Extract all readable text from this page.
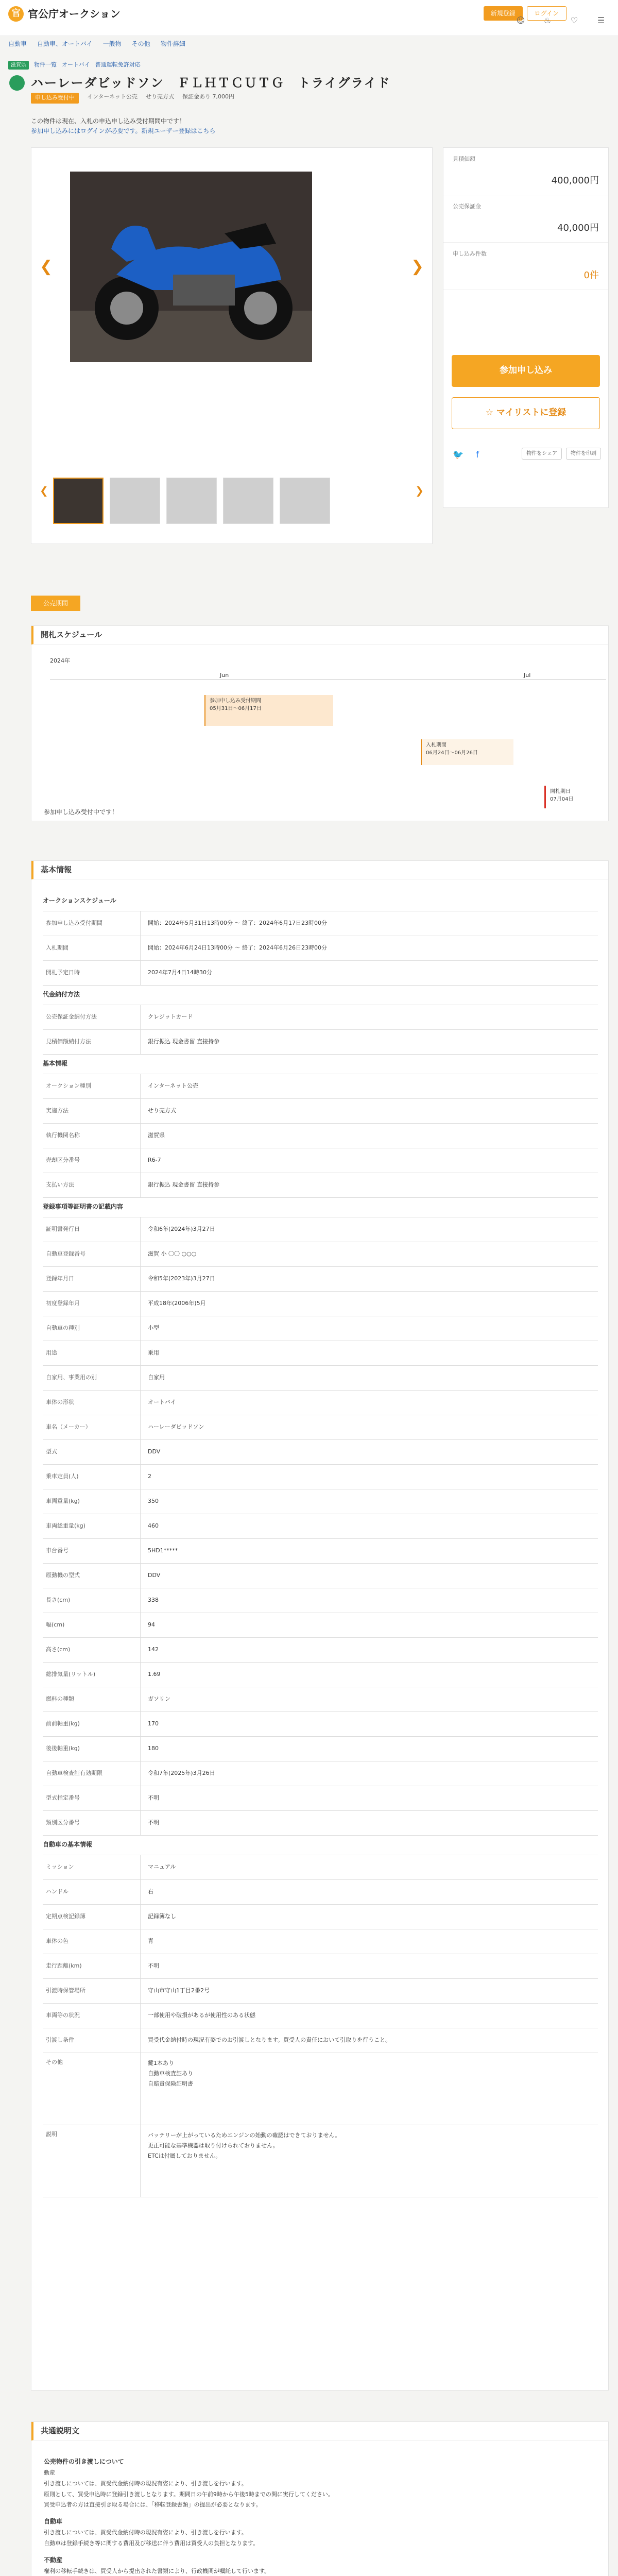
官 官公庁オークション	新規登録	ログイン
自動車 自動車、オートバイ 一般物 その他 物件詳細
☺	♨	♡	☰
滋賀県	物件一覧 オートバイ 普通運転免許対応
ハーレーダビッドソン　ＦＬＨＴＣＵＴＧ　トライグライド
申し込み受付中	インターネット公売 せり売方式 保証金あり 7,000円
この物件は現在、入札の申込申し込み受付期間中です！
参加申し込みにはログインが必要です。新規ユーザー登録はこちら
❮	❯
❮	❯
見積価額
400,000円
公売保証金
40,000円
申し込み件数
0件
参加申し込み
☆ マイリストに登録
🐦 f	物件をシェア	物件を印刷
公売期間
開札スケジュール
2024年
Jun	Jul
参加申し込み受付期間
05月31日～06月17日
入札期間
06月24日～06月26日
開札期日
07月04日
参加申し込み受付中です！
基本情報
オークションスケジュール
参加申し込み受付期間	開始：2024年5月31日13時00分 ～ 終了：2024年6月17日23時00分
入札期間	開始：2024年6月24日13時00分 ～ 終了：2024年6月26日23時00分
開札予定日時	2024年7月4日14時30分
代金納付方法
公売保証金納付方法	クレジットカード
見積価額納付方法	銀行振込 現金書留 直接持参
基本情報
オークション種別	インターネット公売
実施方法	せり売方式
執行機関名称	滋賀県
売却区分番号	R6-7
支払い方法	銀行振込 現金書留 直接持参
登録事項等証明書の記載内容
証明書発行日	令和6年(2024年)3月27日
自動車登録番号	滋賀 小 〇〇 ○○○
登録年月日	令和5年(2023年)3月27日
初度登録年月	平成18年(2006年)5月
自動車の種別	小型
用途	乗用
自家用、事業用の別	自家用
車体の形状	オートバイ
車名（メーカー）	ハーレーダビッドソン
型式	DDV
乗車定員(人)	2
車両重量(kg)	350
車両総重量(kg)	460
車台番号	5HD1*****
原動機の型式	DDV
長さ(cm)	338
幅(cm)	94
高さ(cm)	142
総排気量(リットル)	1.69
燃料の種類	ガソリン
前前軸重(kg)	170
後後軸重(kg)	180
自動車検査証有効期限	令和7年(2025年)3月26日
型式指定番号	不明
類別区分番号	不明
自動車の基本情報
ミッション	マニュアル
ハンドル	右
定期点検記録簿	記録簿なし
車体の色	青
走行距離(km)	不明
引渡時保管場所	守山市守山1丁目2番2号
車両等の状況	一部使用や破損があるが使用性のある状態
引渡し条件	買受代金納付時の現況有姿でのお引渡しとなります。買受人の責任において引取りを行うこと。
その他	鍵1本あり
自動車検査証あり
自賠責保険証明書
説明	バッテリーが上がっているためエンジンの始動の確認はできておりません。
更正可能な基準機器は取り付けられておりません。
ETCは付属しておりません。
共通説明文
公売物件の引き渡しについて
動産
引き渡しについては、買受代金納付時の現況有姿により、引き渡しを行います。
原則として、買受申込時に登録引き渡しとなります。期間日の午前9時から午後5時までの間に実行してください。
買受申込者の方は直接引き取る場合には、「移転登録書類」の提出が必要となります。
自動車
引き渡しについては、買受代金納付時の現況有姿により、引き渡しを行います。
自動車は登録手続き等に関する費用及び移送に伴う費用は買受人の負担となります。
不動産
権利の移転手続きは、買受人から提出された書類により、行政機関が嘱託して行います。
